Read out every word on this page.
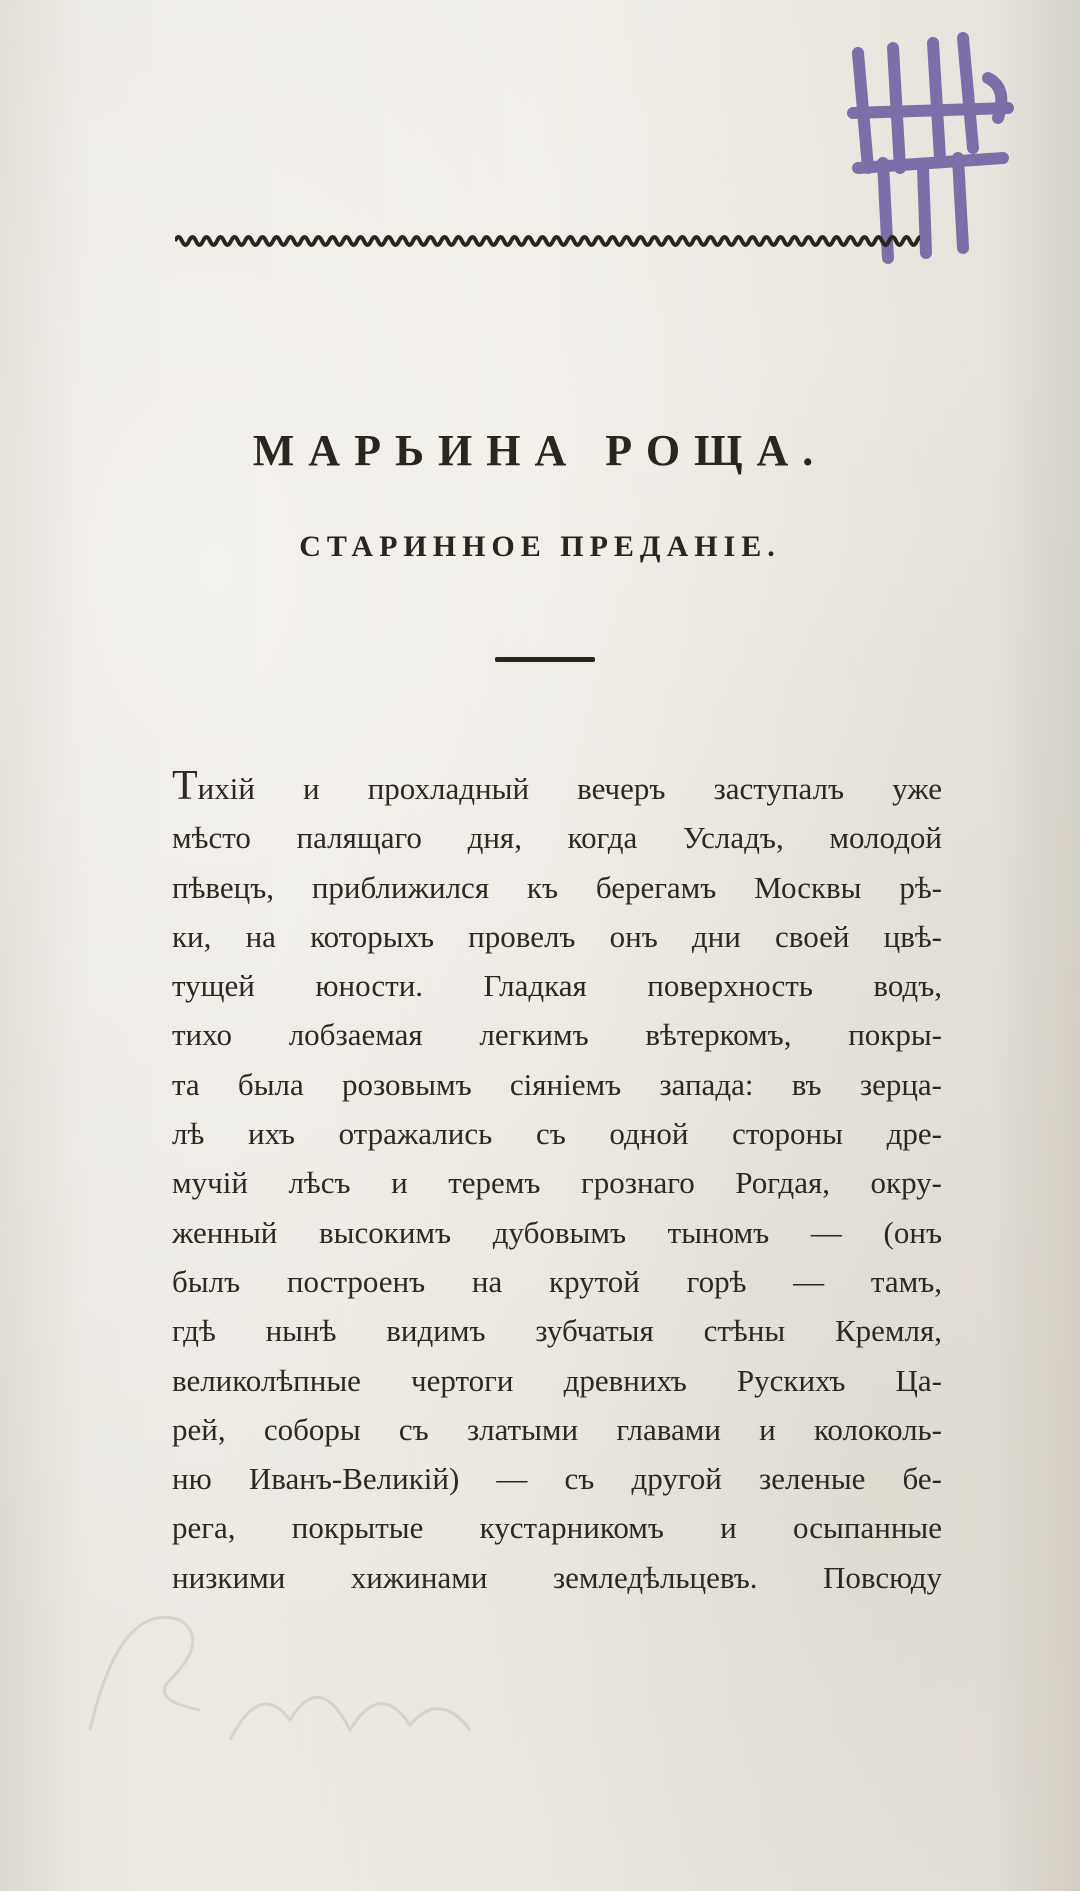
МАРЬИНА РОЩА.
СТАРИННОЕ ПРЕДАНІЕ.
Тихій и прохладный вечеръ заступалъ уже
мѣсто палящаго дня, когда Усладъ, молодой
пѣвецъ, приближился къ берегамъ Москвы рѣ-
ки, на которыхъ провелъ онъ дни своей цвѣ-
тущей юности. Гладкая поверхность водъ,
тихо лобзаемая легкимъ вѣтеркомъ, покры-
та была розовымъ сіяніемъ запада: въ зерца-
лѣ ихъ отражались съ одной стороны дре-
мучій лѣсъ и теремъ грознаго Рогдая, окру-
женный высокимъ дубовымъ тыномъ — (онъ
былъ построенъ на крутой горѣ — тамъ,
гдѣ нынѣ видимъ зубчатыя стѣны Кремля,
великолѣпные чертоги древнихъ Рускихъ Ца-
рей, соборы съ златыми главами и колоколь-
ню Иванъ-Великій) — съ другой зеленые бе-
рега, покрытые кустарникомъ и осыпанные
низкими хижинами земледѣльцевъ. Повсюду
